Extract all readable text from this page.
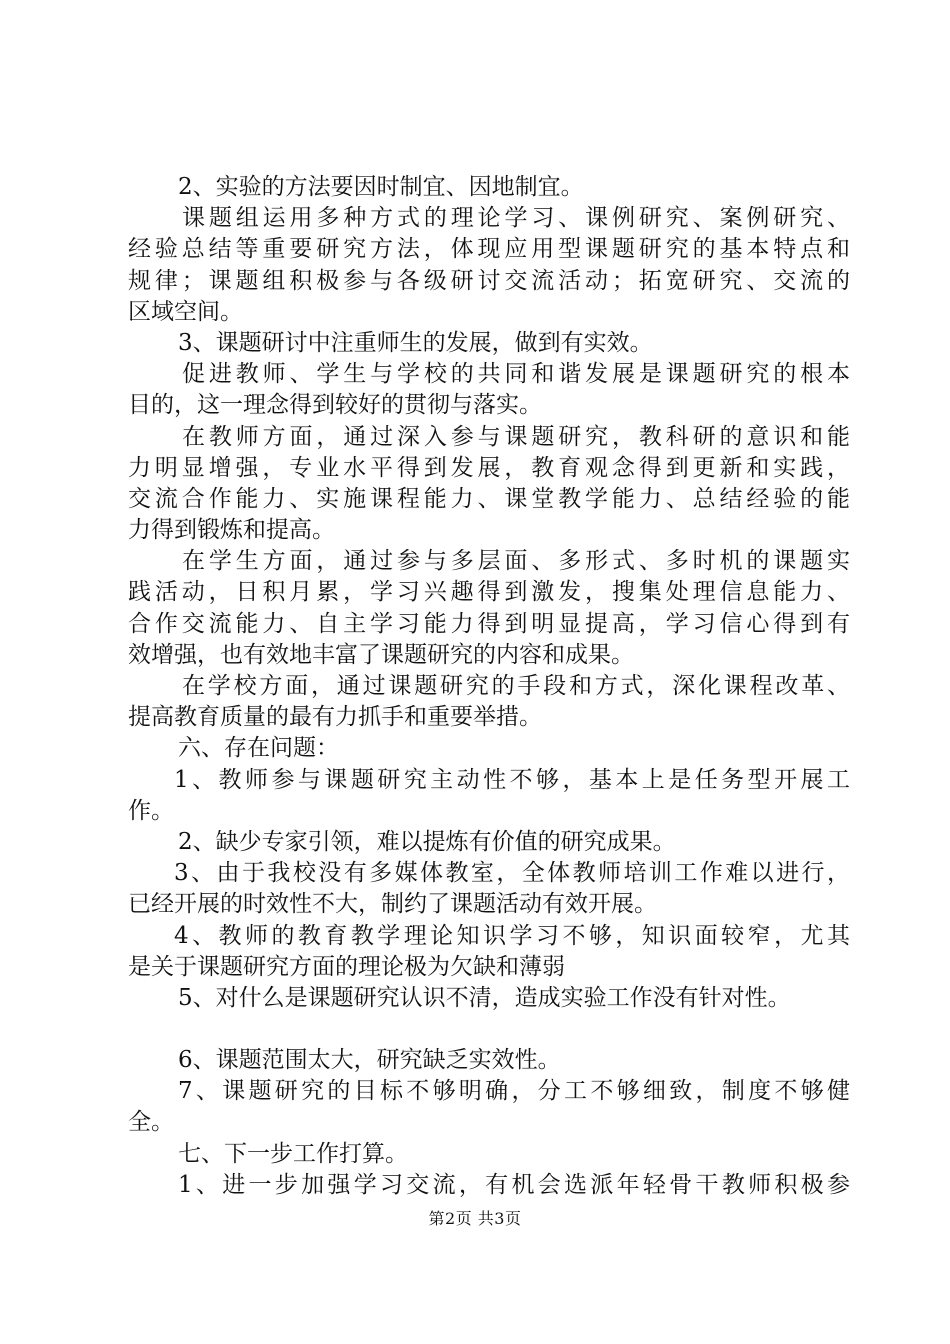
2、实验的方法要因时制宜、因地制宜。
课题组运用多种方式的理论学习、课例研究、案例研究、
经验总结等重要研究方法，体现应用型课题研究的基本特点和
规律；课题组积极参与各级研讨交流活动；拓宽研究、交流的
区域空间。
3、课题研讨中注重师生的发展，做到有实效。
促进教师、学生与学校的共同和谐发展是课题研究的根本
目的，这一理念得到较好的贯彻与落实。
在教师方面，通过深入参与课题研究，教科研的意识和能
力明显增强，专业水平得到发展，教育观念得到更新和实践，
交流合作能力、实施课程能力、课堂教学能力、总结经验的能
力得到锻炼和提高。
在学生方面，通过参与多层面、多形式、多时机的课题实
践活动，日积月累，学习兴趣得到激发，搜集处理信息能力、
合作交流能力、自主学习能力得到明显提高，学习信心得到有
效增强，也有效地丰富了课题研究的内容和成果。
在学校方面，通过课题研究的手段和方式，深化课程改革、
提高教育质量的最有力抓手和重要举措。
六、存在问题：
1、教师参与课题研究主动性不够，基本上是任务型开展工
作。
2、缺少专家引领，难以提炼有价值的研究成果。
3、由于我校没有多媒体教室，全体教师培训工作难以进行，
已经开展的时效性不大，制约了课题活动有效开展。
4、教师的教育教学理论知识学习不够，知识面较窄，尤其
是关于课题研究方面的理论极为欠缺和薄弱
5、对什么是课题研究认识不清，造成实验工作没有针对性。
6、课题范围太大，研究缺乏实效性。
7、课题研究的目标不够明确，分工不够细致，制度不够健
全。
七、下一步工作打算。
1、进一步加强学习交流，有机会选派年轻骨干教师积极参
第2页 共3页
